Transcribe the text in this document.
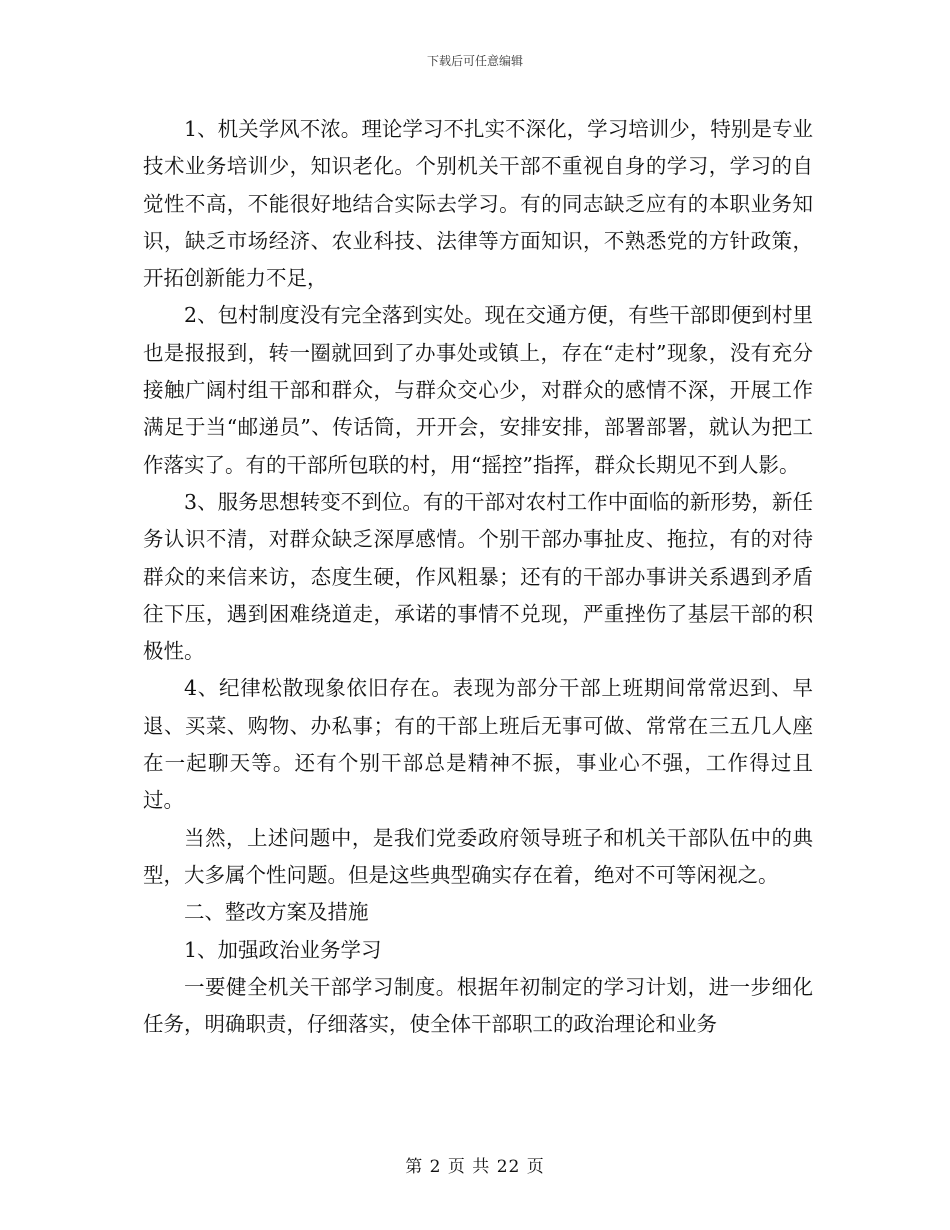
下载后可任意编辑

1、机关学风不浓。理论学习不扎实不深化，学习培训少，特别是专业技术业务培训少，知识老化。个别机关干部不重视自身的学习，学习的自觉性不高，不能很好地结合实际去学习。有的同志缺乏应有的本职业务知识，缺乏市场经济、农业科技、法律等方面知识，不熟悉党的方针政策，开拓创新能力不足，

2、包村制度没有完全落到实处。现在交通方便，有些干部即便到村里也是报报到，转一圈就回到了办事处或镇上，存在“走村”现象，没有充分接触广阔村组干部和群众，与群众交心少，对群众的感情不深，开展工作满足于当“邮递员”、传话筒，开开会，安排安排，部署部署，就认为把工作落实了。有的干部所包联的村，用“摇控”指挥，群众长期见不到人影。

3、服务思想转变不到位。有的干部对农村工作中面临的新形势，新任务认识不清，对群众缺乏深厚感情。个别干部办事扯皮、拖拉，有的对待群众的来信来访，态度生硬，作风粗暴；还有的干部办事讲关系遇到矛盾往下压，遇到困难绕道走，承诺的事情不兑现，严重挫伤了基层干部的积极性。

4、纪律松散现象依旧存在。表现为部分干部上班期间常常迟到、早退、买菜、购物、办私事；有的干部上班后无事可做、常常在三五几人座在一起聊天等。还有个别干部总是精神不振，事业心不强，工作得过且过。

当然，上述问题中，是我们党委政府领导班子和机关干部队伍中的典型，大多属个性问题。但是这些典型确实存在着，绝对不可等闲视之。

二、整改方案及措施

1、加强政治业务学习

一要健全机关干部学习制度。根据年初制定的学习计划，进一步细化任务，明确职责，仔细落实，使全体干部职工的政治理论和业务

第 2 页 共 22 页
